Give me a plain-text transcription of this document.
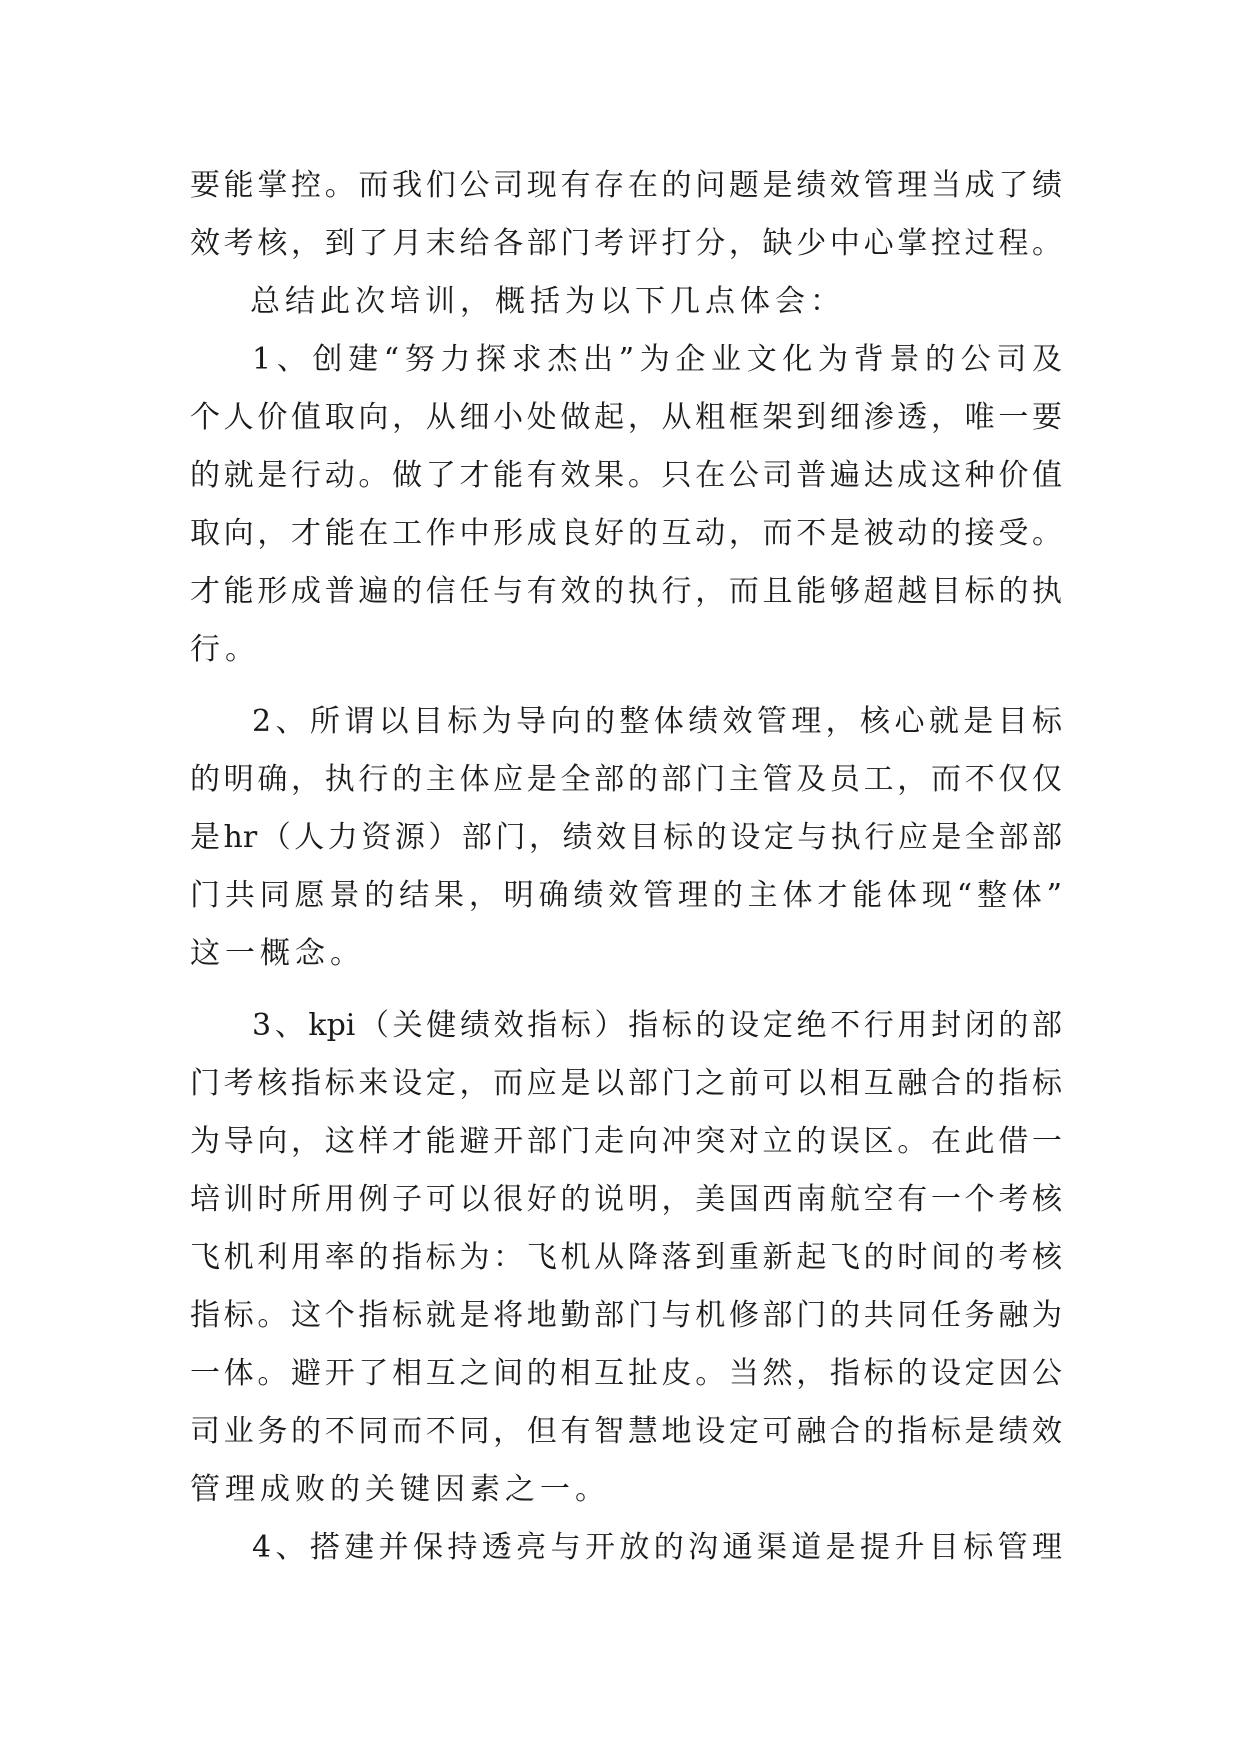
要能掌控。而我们公司现有存在的问题是绩效管理当成了绩
效考核，到了月末给各部门考评打分，缺少中心掌控过程。
总结此次培训，概括为以下几点体会：
1、创建“努力探求杰出”为企业文化为背景的公司及
个人价值取向，从细小处做起，从粗框架到细渗透，唯一要
的就是行动。做了才能有效果。只在公司普遍达成这种价值
取向，才能在工作中形成良好的互动，而不是被动的接受。
才能形成普遍的信任与有效的执行，而且能够超越目标的执
行。
2、所谓以目标为导向的整体绩效管理，核心就是目标
的明确，执行的主体应是全部的部门主管及员工，而不仅仅
是hr（人力资源）部门，绩效目标的设定与执行应是全部部
门共同愿景的结果，明确绩效管理的主体才能体现“整体”
这一概念。
3、kpi（关健绩效指标）指标的设定绝不行用封闭的部
门考核指标来设定，而应是以部门之前可以相互融合的指标
为导向，这样才能避开部门走向冲突对立的误区。在此借一
培训时所用例子可以很好的说明，美国西南航空有一个考核
飞机利用率的指标为：飞机从降落到重新起飞的时间的考核
指标。这个指标就是将地勤部门与机修部门的共同任务融为
一体。避开了相互之间的相互扯皮。当然，指标的设定因公
司业务的不同而不同，但有智慧地设定可融合的指标是绩效
管理成败的关键因素之一。
4、搭建并保持透亮与开放的沟通渠道是提升目标管理
